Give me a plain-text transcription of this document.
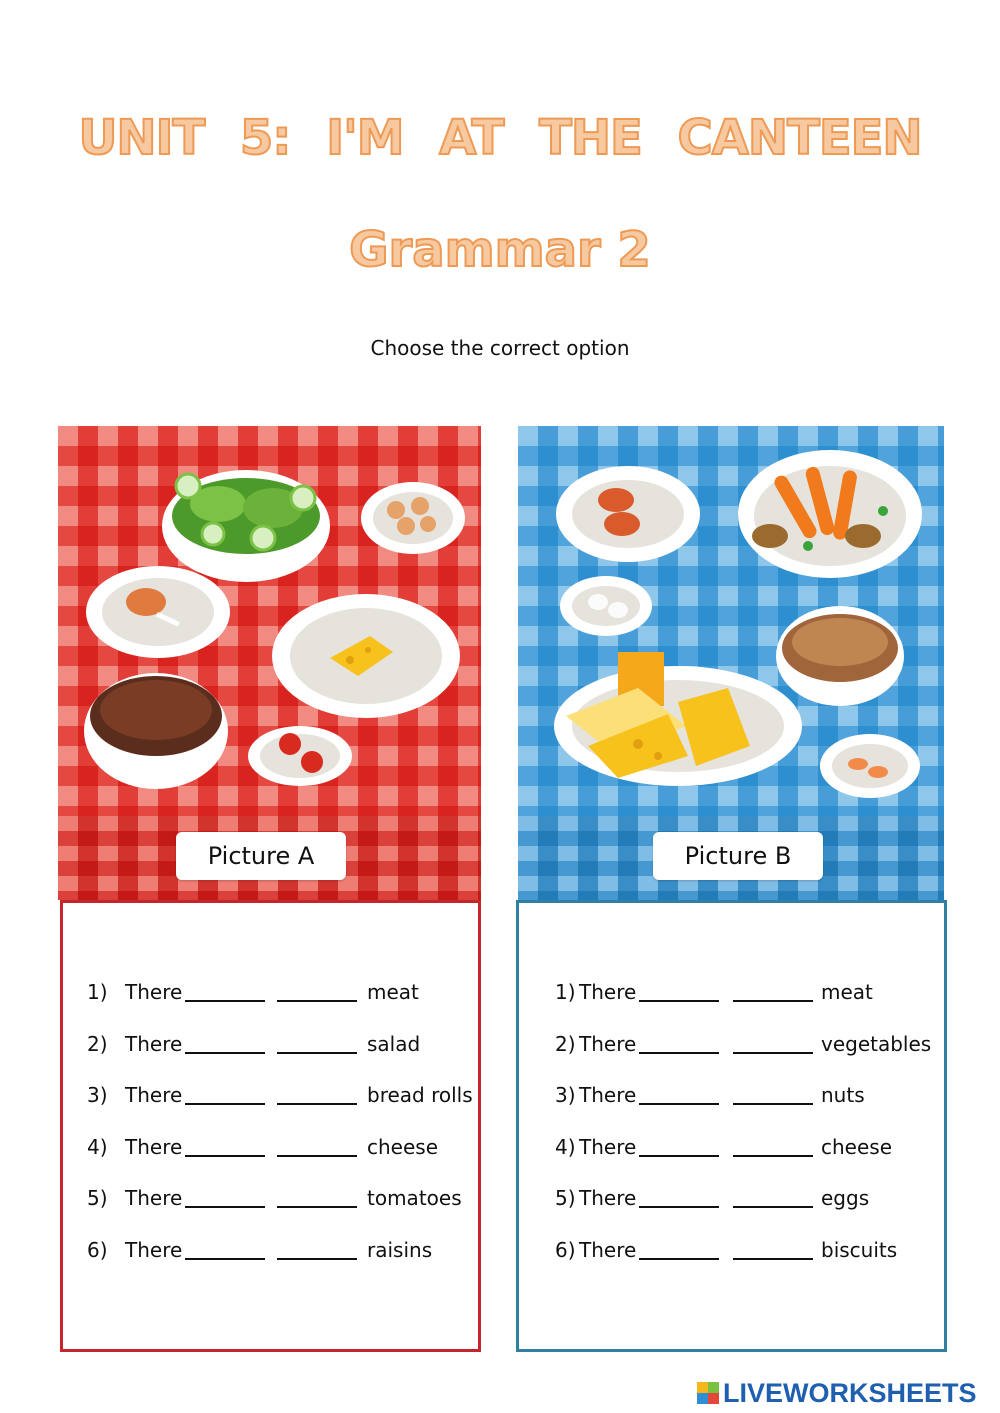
UNIT 5: I'M AT THE CANTEEN
Grammar 2
Choose the correct option
Picture A	Picture B
1) There	meat
2) There	salad
3) There	bread rolls
4) There	cheese
5) There	tomatoes
6) There	raisins
1) There	meat
2) There	vegetables
3) There	nuts
4) There	cheese
5) There	eggs
6) There	biscuits
LIVEWORKSHEETS
